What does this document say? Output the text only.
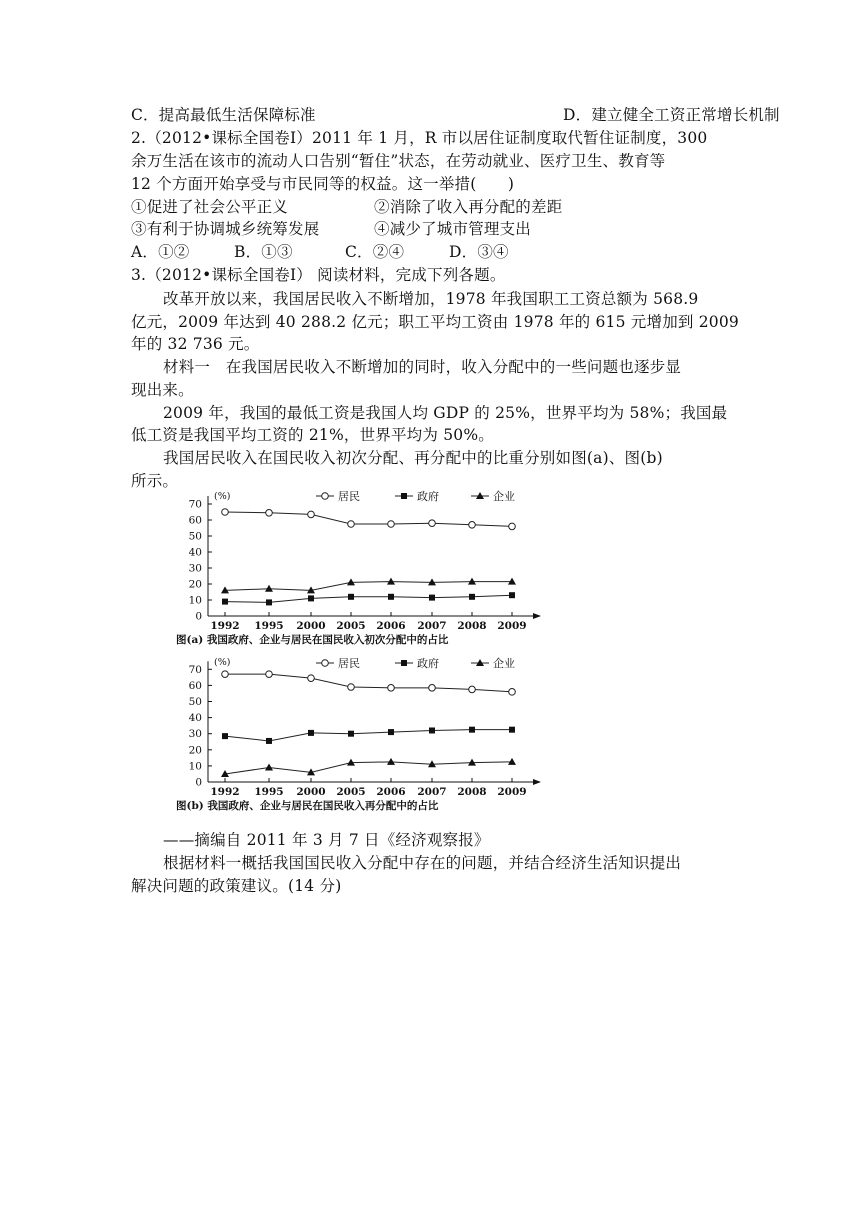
C．提高最低生活保障标准	D．建立健全工资正常增长机制
2.（2012•课标全国卷Ⅰ）2011 年 1 月，R 市以居住证制度取代暂住证制度，300
余万生活在该市的流动人口告别“暂住”状态，在劳动就业、医疗卫生、教育等
12 个方面开始享受与市民同等的权益。这一举措(　　)
①促进了社会公平正义	②消除了收入再分配的差距
③有利于协调城乡统筹发展	④减少了城市管理支出
A．①②	B．①③	C．②④	D．③④
3.（2012•课标全国卷Ⅰ） 阅读材料，完成下列各题。
改革开放以来，我国居民收入不断增加，1978 年我国职工工资总额为 568.9
亿元，2009 年达到 40 288.2 亿元；职工平均工资由 1978 年的 615 元增加到 2009
年的 32 736 元。
材料一　在我国居民收入不断增加的同时，收入分配中的一些问题也逐步显
现出来。
2009 年，我国的最低工资是我国人均 GDP 的 25%，世界平均为 58%；我国最
低工资是我国平均工资的 21%，世界平均为 50%。
我国居民收入在国民收入初次分配、再分配中的比重分别如图(a)、图(b)
所示。
(%)
0
10
20
30
40
50
60
70
1992 1995 2000 2005 2006 2007 2008 2009
居民	政府	企业
图(a) 我国政府、企业与居民在国民收入初次分配中的占比
(%)
0
10
20
30
40
50
60
70
1992 1995 2000 2005 2006 2007 2008 2009
居民	政府	企业
图(b) 我国政府、企业与居民在国民收入再分配中的占比
——摘编自 2011 年 3 月 7 日《经济观察报》
根据材料一概括我国国民收入分配中存在的问题，并结合经济生活知识提出
解决问题的政策建议。(14 分)
